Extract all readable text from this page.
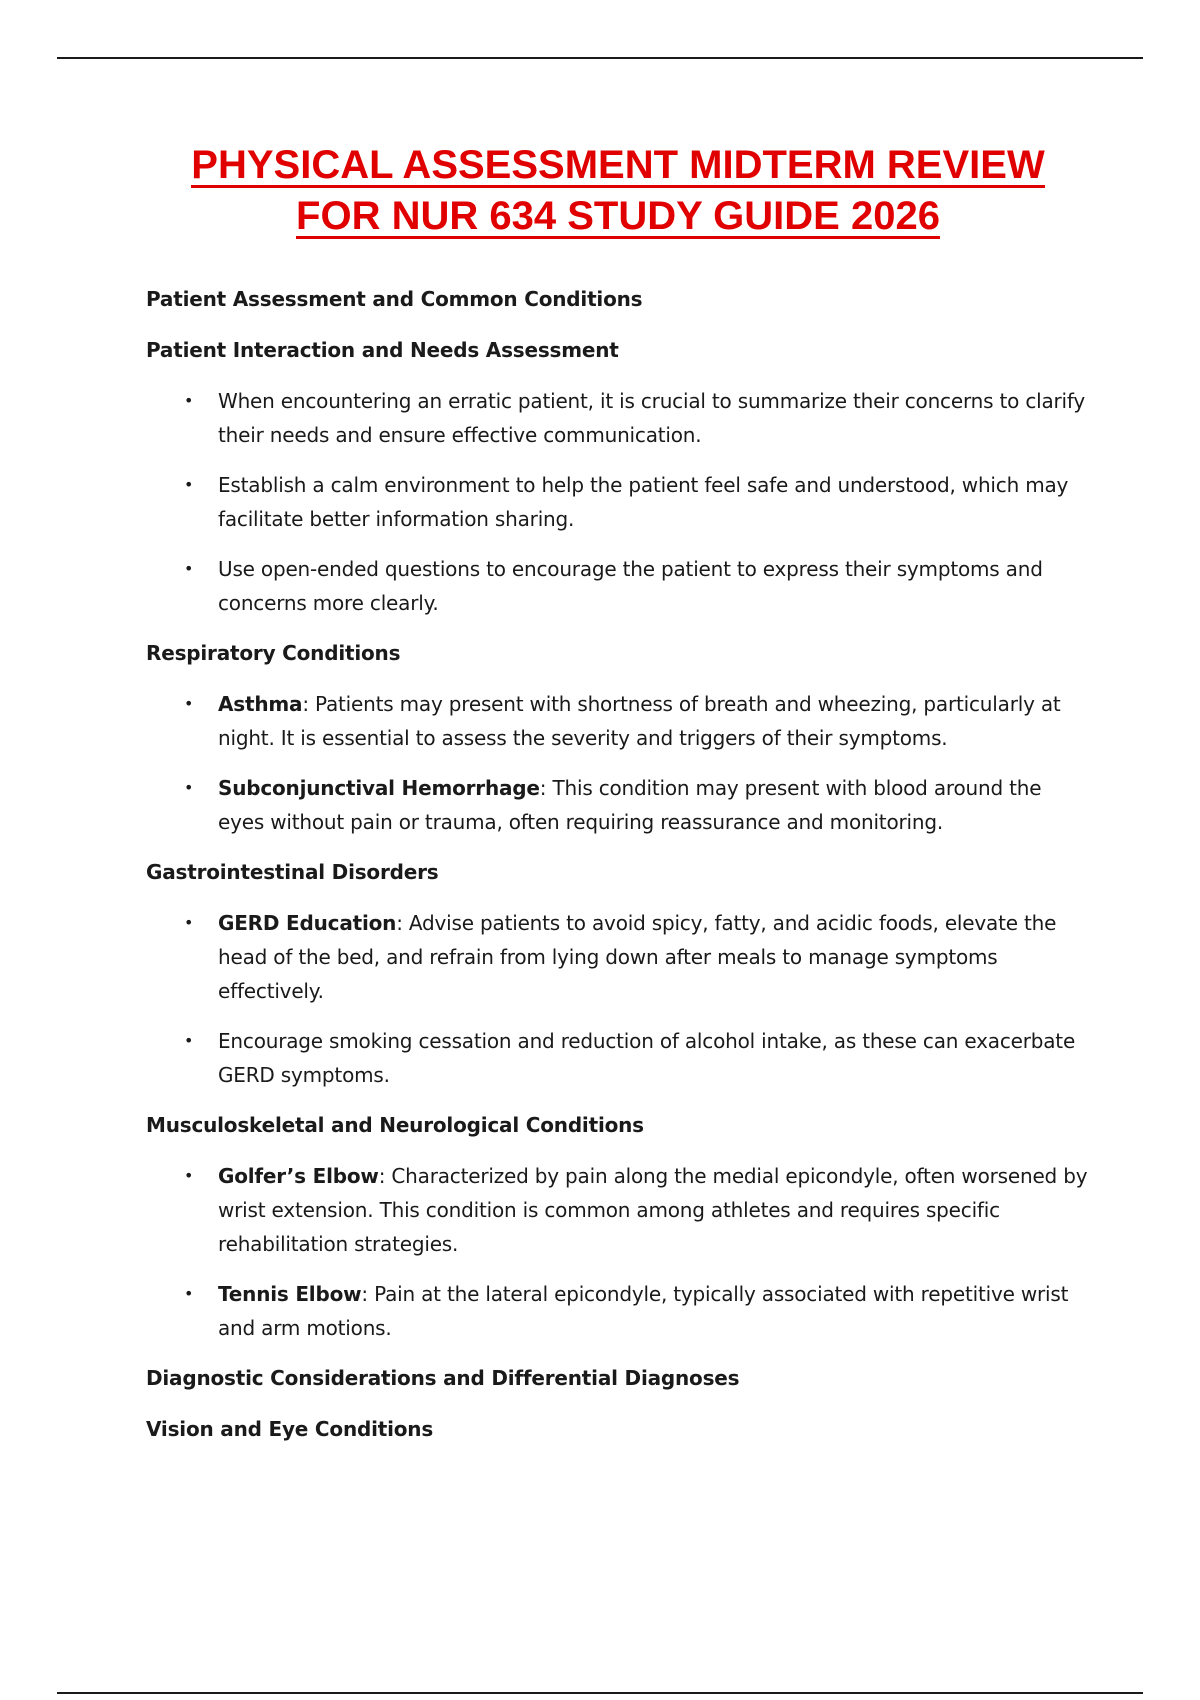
PHYSICAL ASSESSMENT MIDTERM REVIEW
FOR NUR 634 STUDY GUIDE 2026
Patient Assessment and Common Conditions
Patient Interaction and Needs Assessment
• When encountering an erratic patient, it is crucial to summarize their concerns to clarify their needs and ensure effective communication.
• Establish a calm environment to help the patient feel safe and understood, which may facilitate better information sharing.
• Use open-ended questions to encourage the patient to express their symptoms and concerns more clearly.
Respiratory Conditions
• Asthma: Patients may present with shortness of breath and wheezing, particularly at night. It is essential to assess the severity and triggers of their symptoms.
• Subconjunctival Hemorrhage: This condition may present with blood around the eyes without pain or trauma, often requiring reassurance and monitoring.
Gastrointestinal Disorders
• GERD Education: Advise patients to avoid spicy, fatty, and acidic foods, elevate the head of the bed, and refrain from lying down after meals to manage symptoms effectively.
• Encourage smoking cessation and reduction of alcohol intake, as these can exacerbate GERD symptoms.
Musculoskeletal and Neurological Conditions
• Golfer’s Elbow: Characterized by pain along the medial epicondyle, often worsened by wrist extension. This condition is common among athletes and requires specific rehabilitation strategies.
• Tennis Elbow: Pain at the lateral epicondyle, typically associated with repetitive wrist and arm motions.
Diagnostic Considerations and Differential Diagnoses
Vision and Eye Conditions
